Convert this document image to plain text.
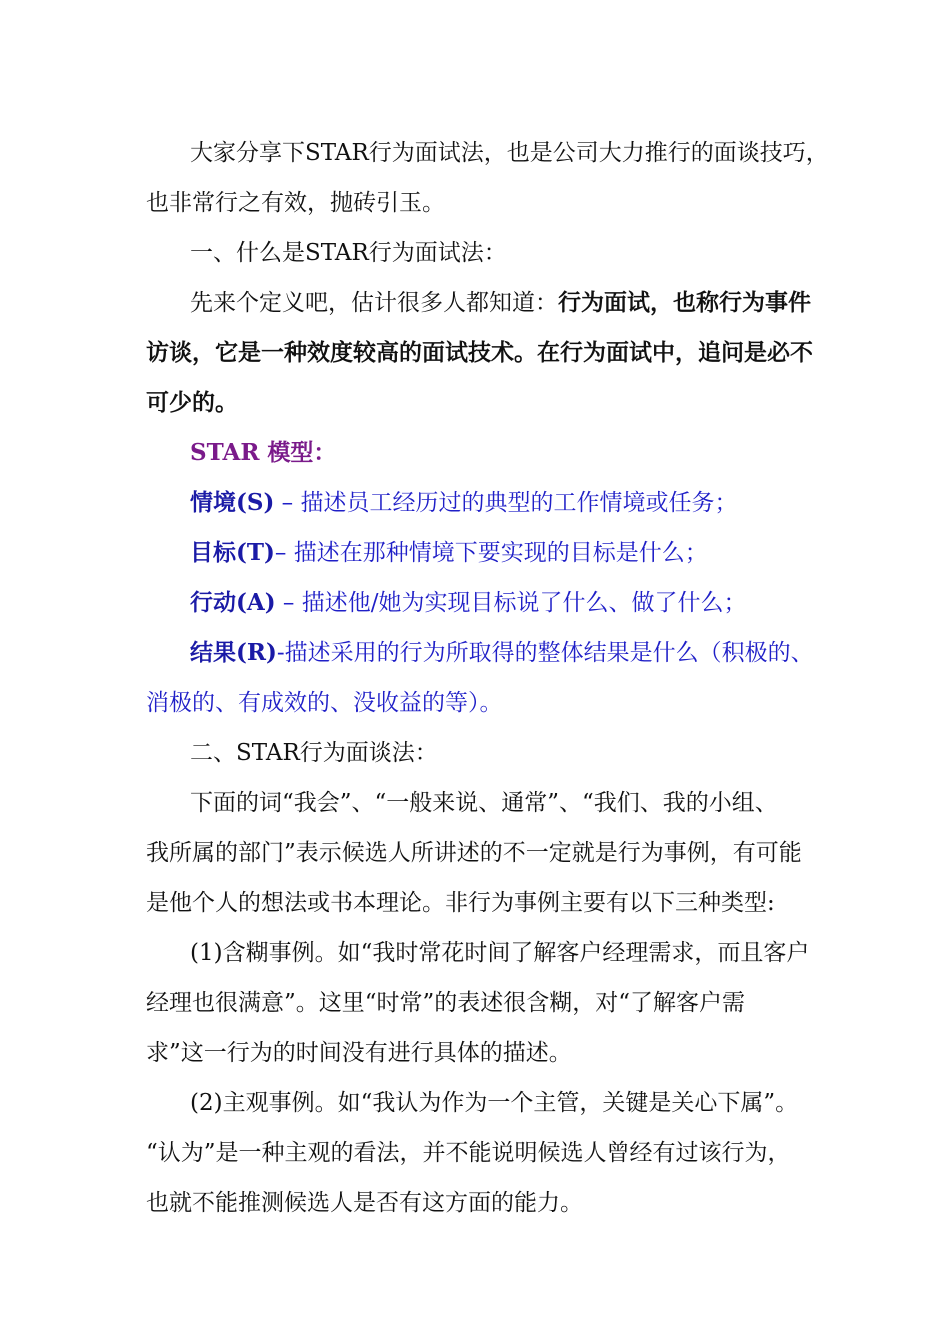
大家分享下STAR行为面试法，也是公司大力推行的面谈技巧，
也非常行之有效，抛砖引玉。
一、什么是STAR行为面试法：
先来个定义吧，估计很多人都知道：行为面试，也称行为事件
访谈，它是一种效度较高的面试技术。在行为面试中，追问是必不
可少的。
STAR 模型：
情境(S) – 描述员工经历过的典型的工作情境或任务；
目标(T)– 描述在那种情境下要实现的目标是什么；
行动(A) – 描述他/她为实现目标说了什么、做了什么；
结果(R)-描述采用的行为所取得的整体结果是什么（积极的、
消极的、有成效的、没收益的等）。
二、STAR行为面谈法：
下面的词“我会”、“一般来说、通常”、“我们、我的小组、
我所属的部门”表示候选人所讲述的不一定就是行为事例，有可能
是他个人的想法或书本理论。非行为事例主要有以下三种类型:
(1)含糊事例。如“我时常花时间了解客户经理需求，而且客户
经理也很满意”。这里“时常”的表述很含糊，对“了解客户需
求”这一行为的时间没有进行具体的描述。
(2)主观事例。如“我认为作为一个主管，关键是关心下属”。
“认为”是一种主观的看法，并不能说明候选人曾经有过该行为，
也就不能推测候选人是否有这方面的能力。
